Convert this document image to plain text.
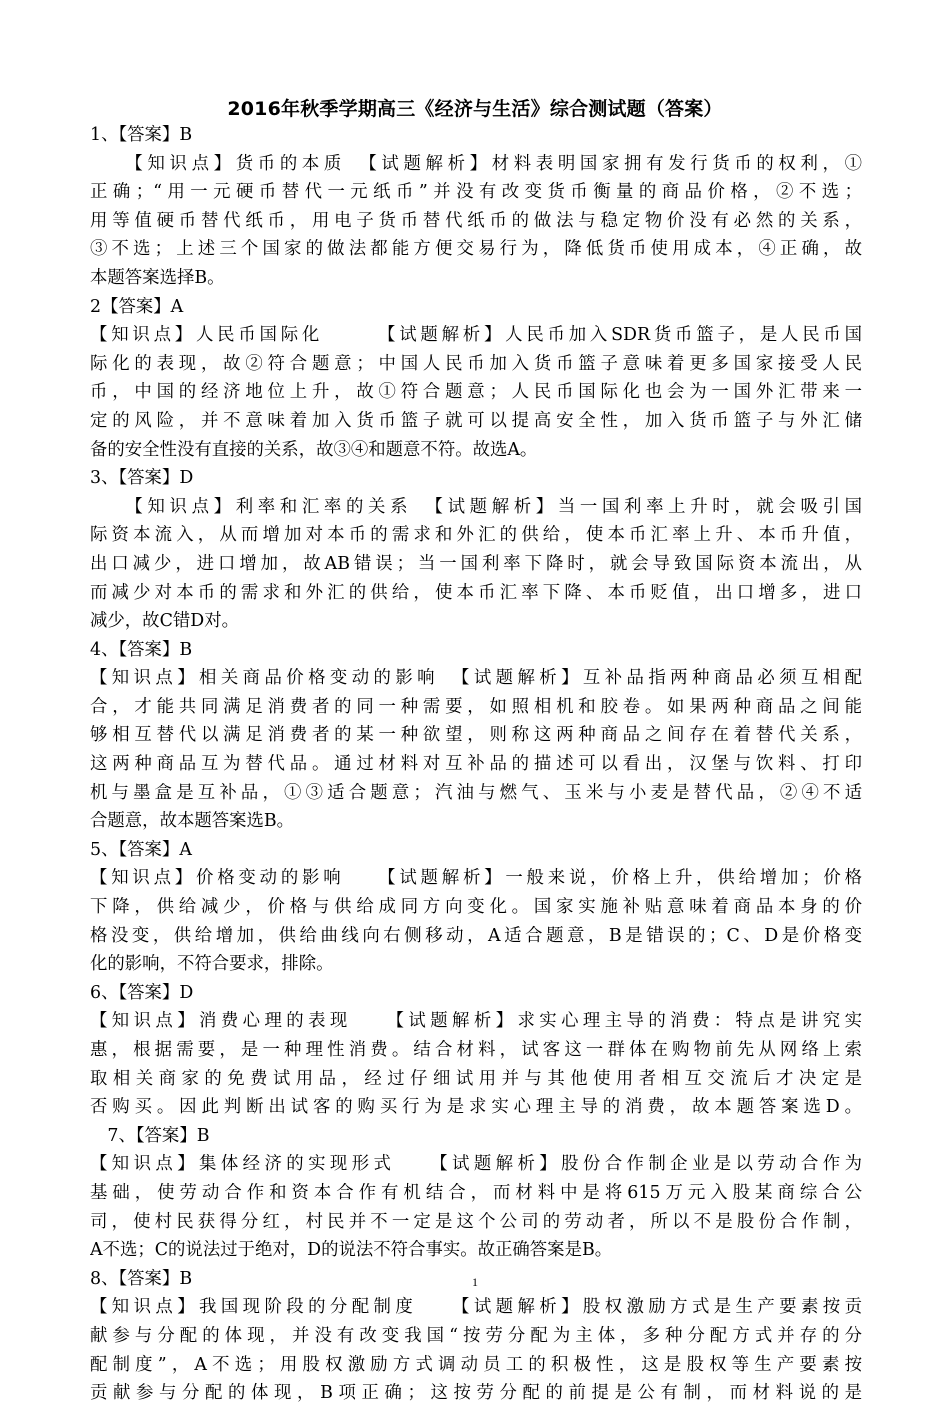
2016年秋季学期高三《经济与生活》综合测试题（答案）
1、【答案】B
　　【知识点】货币的本质　【试题解析】材料表明国家拥有发行货币的权利，①
正确；“用一元硬币替代一元纸币”并没有改变货币衡量的商品价格，②不选；
用等值硬币替代纸币，用电子货币替代纸币的做法与稳定物价没有必然的关系，
③不选；上述三个国家的做法都能方便交易行为，降低货币使用成本，④正确，故
本题答案选择B。
2【答案】A
【知识点】人民币国际化　　　【试题解析】人民币加入SDR货币篮子，是人民币国
际化的表现，故②符合题意；中国人民币加入货币篮子意味着更多国家接受人民
币，中国的经济地位上升，故①符合题意；人民币国际化也会为一国外汇带来一
定的风险，并不意味着加入货币篮子就可以提高安全性，加入货币篮子与外汇储
备的安全性没有直接的关系，故③④和题意不符。故选A。
3、【答案】D
　　【知识点】利率和汇率的关系　【试题解析】当一国利率上升时，就会吸引国
际资本流入，从而增加对本币的需求和外汇的供给，使本币汇率上升、本币升值，
出口减少，进口增加，故AB错误；当一国利率下降时，就会导致国际资本流出，从
而减少对本币的需求和外汇的供给，使本币汇率下降、本币贬值，出口增多，进口
减少，故C错D对。
4、【答案】B
【知识点】相关商品价格变动的影响　【试题解析】互补品指两种商品必须互相配
合，才能共同满足消费者的同一种需要，如照相机和胶卷。如果两种商品之间能
够相互替代以满足消费者的某一种欲望，则称这两种商品之间存在着替代关系，
这两种商品互为替代品。通过材料对互补品的描述可以看出，汉堡与饮料、打印
机与墨盒是互补品，①③适合题意；汽油与燃气、玉米与小麦是替代品，②④不适
合题意，故本题答案选B。
5、【答案】A
【知识点】价格变动的影响　　【试题解析】一般来说，价格上升，供给增加；价格
下降，供给减少，价格与供给成同方向变化。国家实施补贴意味着商品本身的价
格没变，供给增加，供给曲线向右侧移动，A适合题意，B是错误的；C、D是价格变
化的影响，不符合要求，排除。
6、【答案】D
【知识点】消费心理的表现　　【试题解析】求实心理主导的消费：特点是讲究实
惠，根据需要，是一种理性消费。结合材料，试客这一群体在购物前先从网络上索
取相关商家的免费试用品，经过仔细试用并与其他使用者相互交流后才决定是
否购买。因此判断出试客的购买行为是求实心理主导的消费，故本题答案选D。
　7、【答案】B
【知识点】集体经济的实现形式　　【试题解析】股份合作制企业是以劳动合作为
基础，使劳动合作和资本合作有机结合，而材料中是将615万元入股某商综合公
司，使村民获得分红，村民并不一定是这个公司的劳动者，所以不是股份合作制，
A不选；C的说法过于绝对，D的说法不符合事实。故正确答案是B。
8、【答案】B
【知识点】我国现阶段的分配制度　　【试题解析】股权激励方式是生产要素按贡
献参与分配的体现，并没有改变我国“按劳分配为主体，多种分配方式并存的分
配制度”，A不选；用股权激励方式调动员工的积极性，这是股权等生产要素按
贡献参与分配的体现，B项正确；这按劳分配的前提是公有制，而材料说的是
1
